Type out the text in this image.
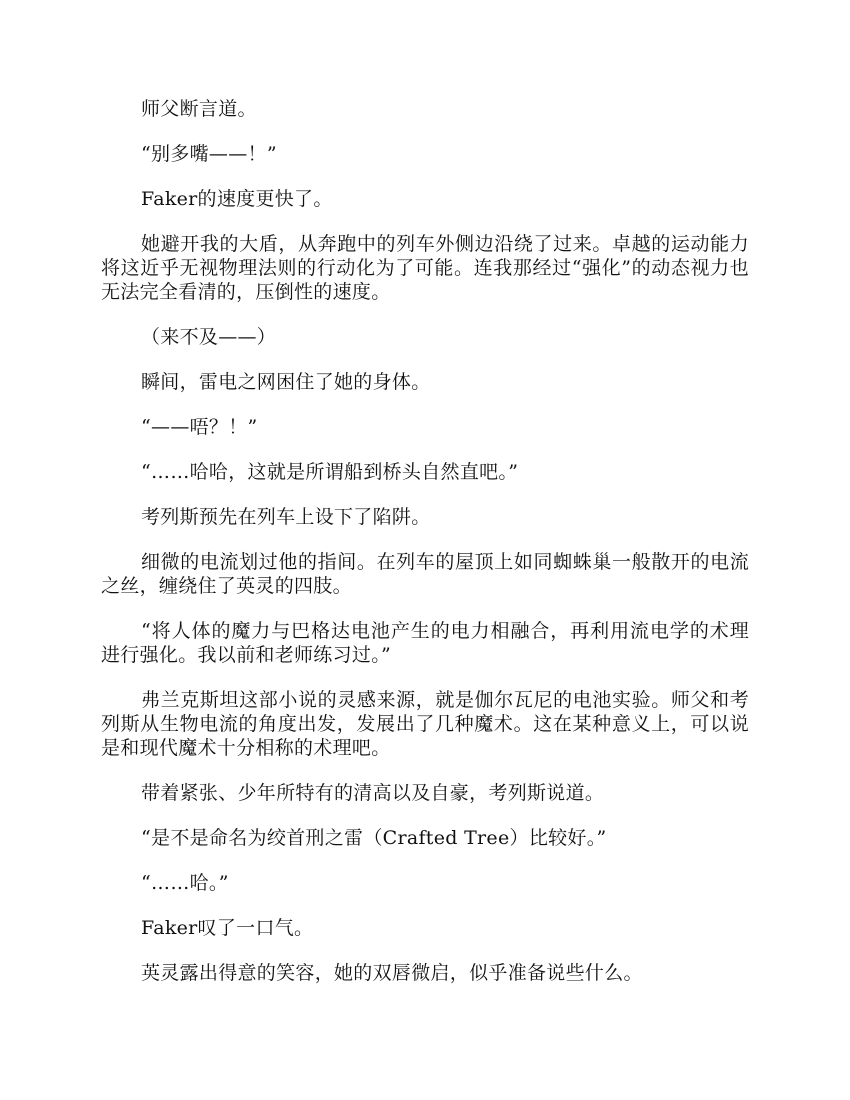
师父断言道。

“别多嘴——！”

Faker的速度更快了。

她避开我的大盾，从奔跑中的列车外侧边沿绕了过来。卓越的运动能力将这近乎无视物理法则的行动化为了可能。连我那经过“强化”的动态视力也无法完全看清的，压倒性的速度。

（来不及——）

瞬间，雷电之网困住了她的身体。

“——唔？！”

“……哈哈，这就是所谓船到桥头自然直吧。”

考列斯预先在列车上设下了陷阱。

细微的电流划过他的指间。在列车的屋顶上如同蜘蛛巢一般散开的电流之丝，缠绕住了英灵的四肢。

“将人体的魔力与巴格达电池产生的电力相融合，再利用流电学的术理进行强化。我以前和老师练习过。”

弗兰克斯坦这部小说的灵感来源，就是伽尔瓦尼的电池实验。师父和考列斯从生物电流的角度出发，发展出了几种魔术。这在某种意义上，可以说是和现代魔术十分相称的术理吧。

带着紧张、少年所特有的清高以及自豪，考列斯说道。

“是不是命名为绞首刑之雷（Crafted Tree）比较好。”

“……哈。”

Faker叹了一口气。

英灵露出得意的笑容，她的双唇微启，似乎准备说些什么。
